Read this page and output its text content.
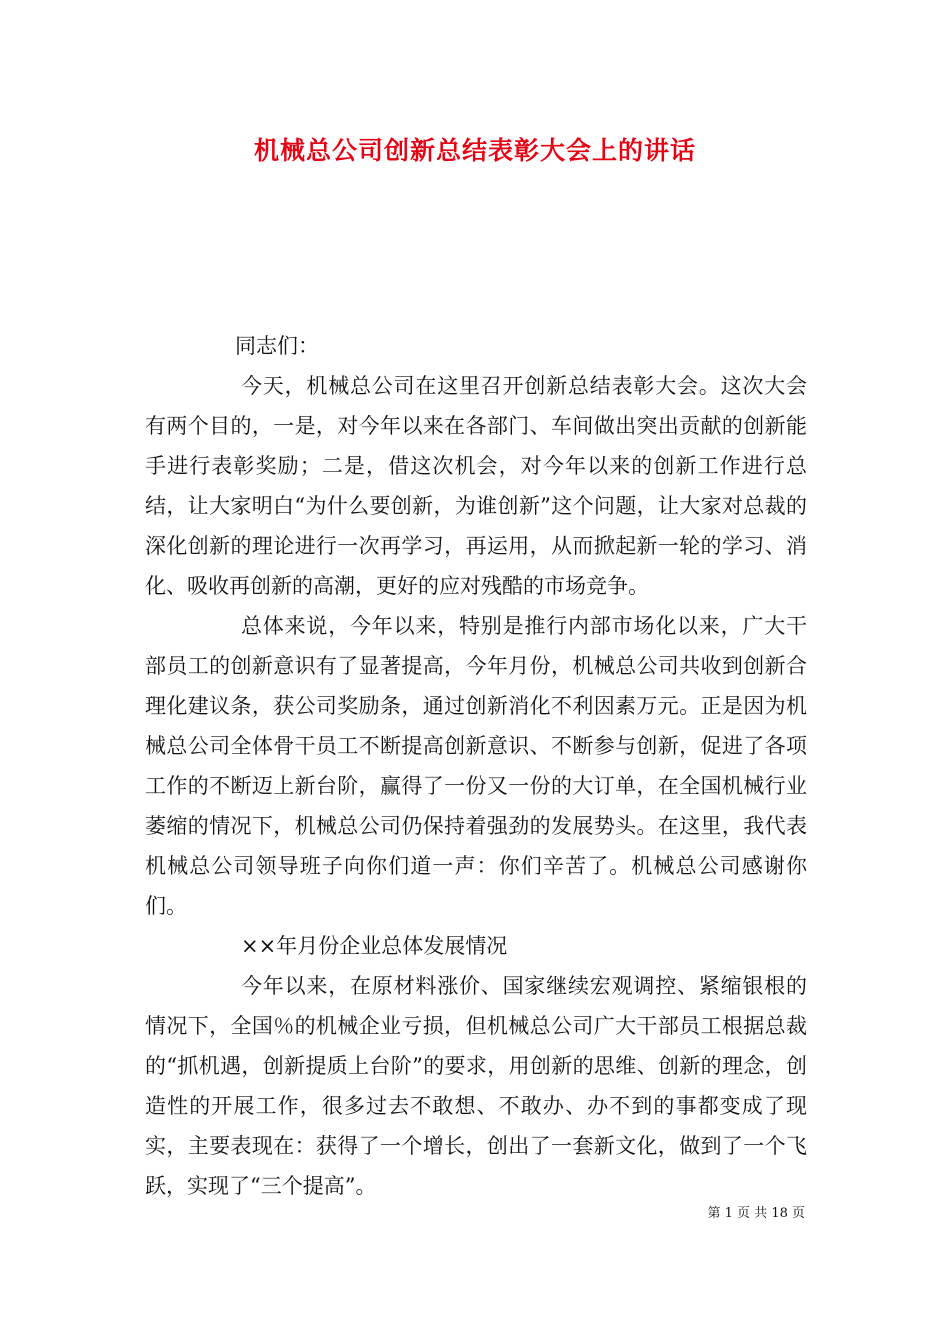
机械总公司创新总结表彰大会上的讲话

同志们：

今天，机械总公司在这里召开创新总结表彰大会。这次大会有两个目的，一是，对今年以来在各部门、车间做出突出贡献的创新能手进行表彰奖励；二是，借这次机会，对今年以来的创新工作进行总结，让大家明白“为什么要创新，为谁创新”这个问题，让大家对总裁的深化创新的理论进行一次再学习，再运用，从而掀起新一轮的学习、消化、吸收再创新的高潮，更好的应对残酷的市场竞争。

总体来说，今年以来，特别是推行内部市场化以来，广大干部员工的创新意识有了显著提高，今年月份，机械总公司共收到创新合理化建议条，获公司奖励条，通过创新消化不利因素万元。正是因为机械总公司全体骨干员工不断提高创新意识、不断参与创新，促进了各项工作的不断迈上新台阶，赢得了一份又一份的大订单，在全国机械行业萎缩的情况下，机械总公司仍保持着强劲的发展势头。在这里，我代表机械总公司领导班子向你们道一声：你们辛苦了。机械总公司感谢你们。

××年月份企业总体发展情况

今年以来，在原材料涨价、国家继续宏观调控、紧缩银根的情况下，全国％的机械企业亏损，但机械总公司广大干部员工根据总裁的“抓机遇，创新提质上台阶”的要求，用创新的思维、创新的理念，创造性的开展工作，很多过去不敢想、不敢办、办不到的事都变成了现实，主要表现在：获得了一个增长，创出了一套新文化，做到了一个飞跃，实现了“三个提高”。

第 1 页 共 18 页
